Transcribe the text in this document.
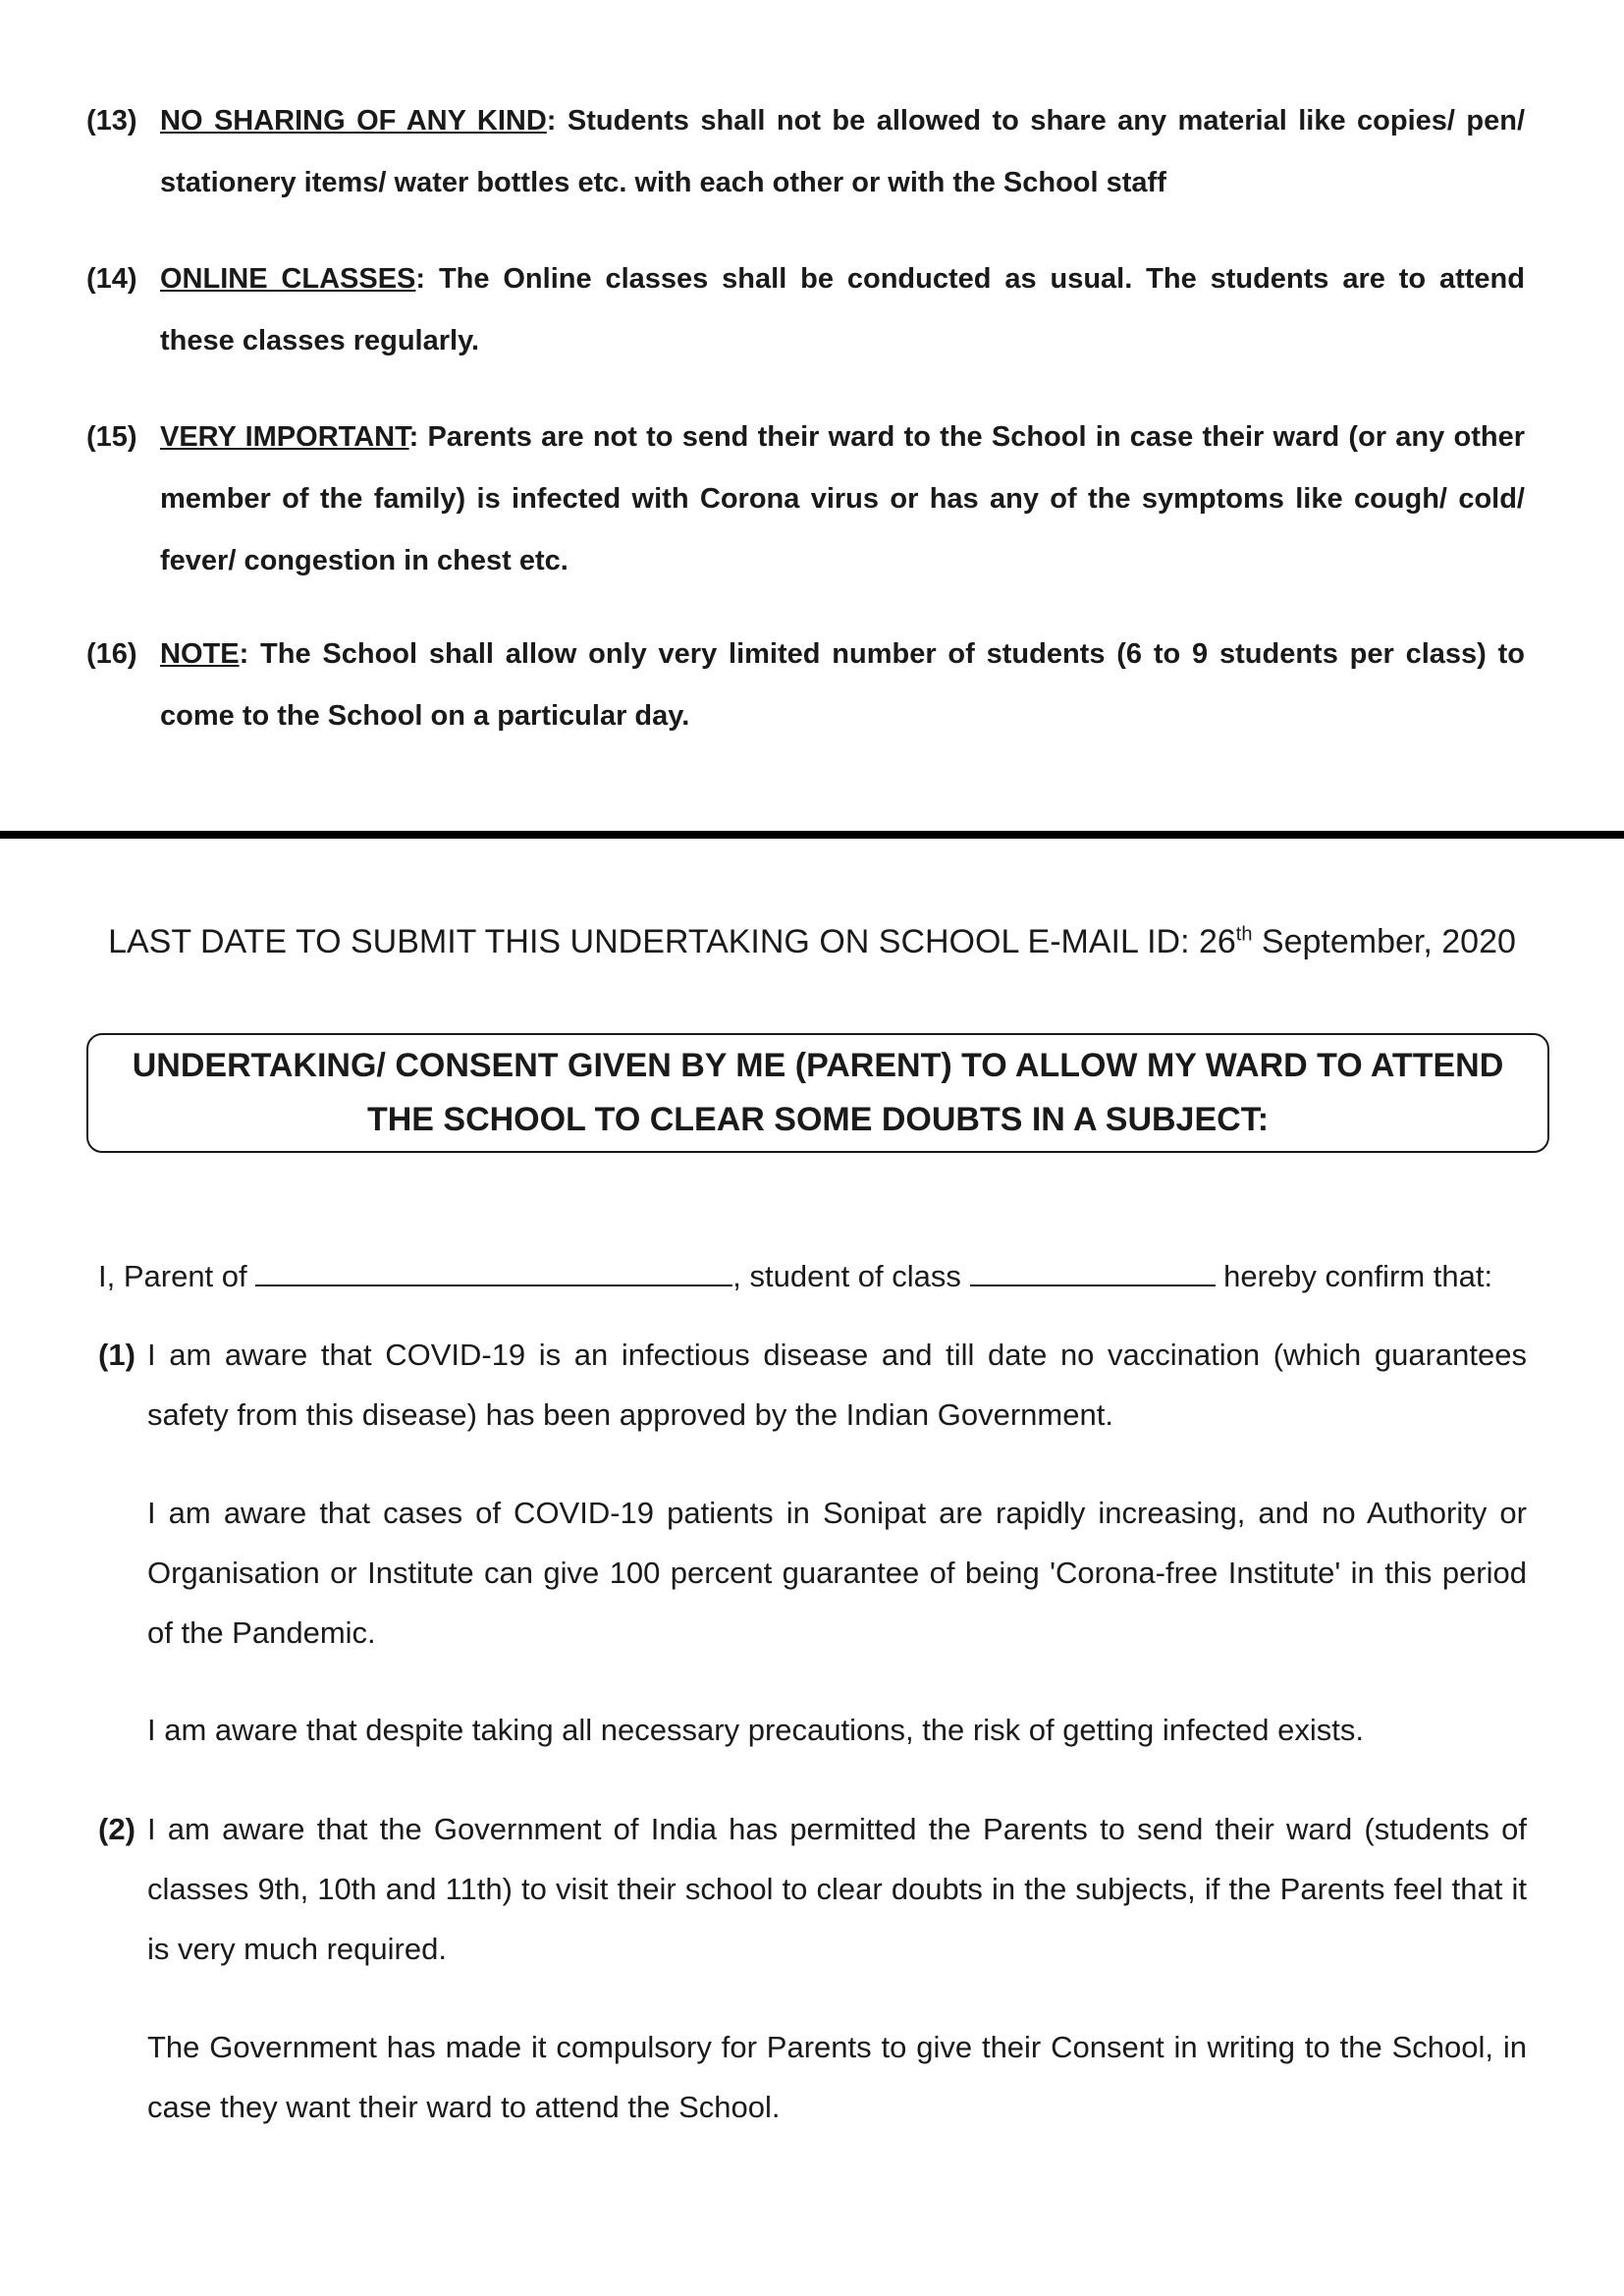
(13) NO SHARING OF ANY KIND: Students shall not be allowed to share any material like copies/ pen/ stationery items/ water bottles etc. with each other or with the School staff
(14) ONLINE CLASSES: The Online classes shall be conducted as usual. The students are to attend these classes regularly.
(15) VERY IMPORTANT: Parents are not to send their ward to the School in case their ward (or any other member of the family) is infected with Corona virus or has any of the symptoms like cough/ cold/ fever/ congestion in chest etc.
(16) NOTE: The School shall allow only very limited number of students (6 to 9 students per class) to come to the School on a particular day.
LAST DATE TO SUBMIT THIS UNDERTAKING ON SCHOOL E-MAIL ID: 26th September, 2020
UNDERTAKING/ CONSENT GIVEN BY ME (PARENT) TO ALLOW MY WARD TO ATTEND THE SCHOOL TO CLEAR SOME DOUBTS IN A SUBJECT:
I, Parent of	, student of class	hereby confirm that:
(1) I am aware that COVID-19 is an infectious disease and till date no vaccination (which guarantees safety from this disease) has been approved by the Indian Government.
I am aware that cases of COVID-19 patients in Sonipat are rapidly increasing, and no Authority or Organisation or Institute can give 100 percent guarantee of being 'Corona-free Institute' in this period of the Pandemic.
I am aware that despite taking all necessary precautions, the risk of getting infected exists.
(2) I am aware that the Government of India has permitted the Parents to send their ward (students of classes 9th, 10th and 11th) to visit their school to clear doubts in the subjects, if the Parents feel that it is very much required.
The Government has made it compulsory for Parents to give their Consent in writing to the School, in case they want their ward to attend the School.
